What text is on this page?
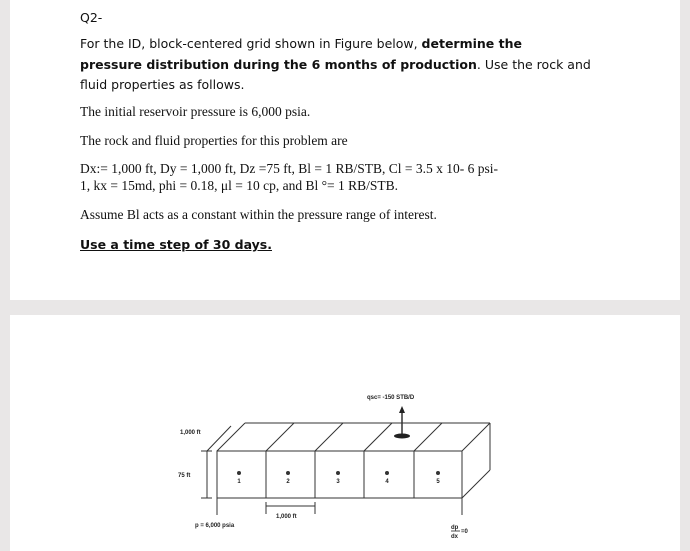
Q2-
For the ID, block-centered grid shown in Figure below, determine the
pressure distribution during the 6 months of production. Use the rock and
fluid properties as follows.
The initial reservoir pressure is 6,000 psia.
The rock and fluid properties for this problem are
Dx:= 1,000 ft, Dy = 1,000 ft, Dz =75 ft, Bl = 1 RB/STB, Cl = 3.5 x 10- 6 psi-
1, kx = 15md, phi = 0.18, μl = 10 cp, and Bl °= 1 RB/STB.
Assume Bl acts as a constant within the pressure range of interest.
Use a time step of 30 days.
1	2	3	4	5
qsc= -150 STB/D
1,000 ft
75 ft
1,000 ft
p = 6,000 psia	dp
dx
=0
